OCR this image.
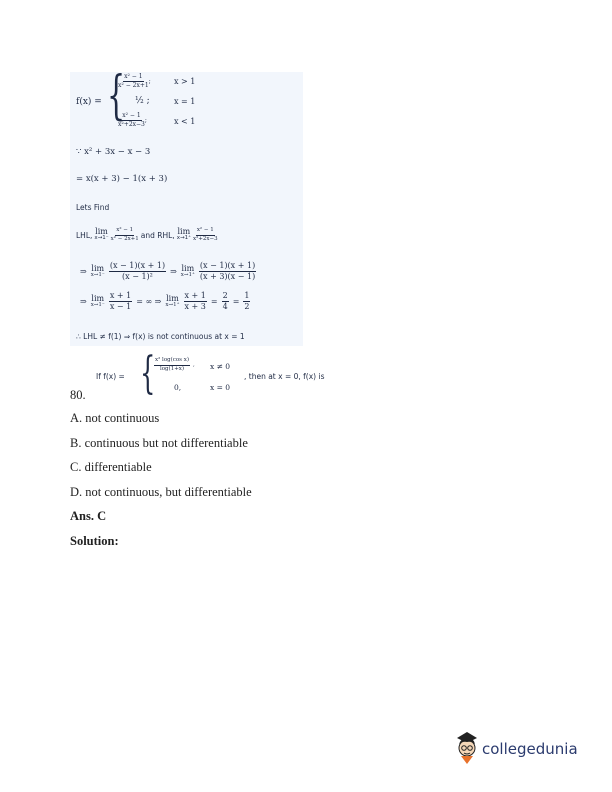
f(x) = {
$\frac{\text{x² − 1}}{\text{x² − 2x+1}}$ ;	x > 1
½ ;	x = 1
$\frac{\text{x² − 1}}{\text{x²+2x−3}}$ ;	x < 1
∵ x² + 3x − x − 3
= x(x + 3) − 1(x + 3)
Lets Find
LHL, lim
$x\to 1^- \frac{\text{x² − 1}}{\text{x² − 2x+1}}$ and RHL, lim
$x\to 1^+ \frac{\text{x² − 1}}{\text{x²+2x−3}}$
⇒ lim
$x\to 1^- \frac{(x - 1)(x + 1)}{\text{(x − 1)²}}$ ⇒ lim
$x\to 1^+ \frac{(x - 1)(x + 1)}{(x + 3)(x - 1)}$
⇒ lim
$x\to 1^- \frac{x + 1}{x - 1}$ = ∞ ⇒ lim
$x\to 1^+ \frac{x + 1}{x + 3} = \frac{2}{4} = \frac{1}{2}$
∴ LHL ≠ f(1) ⇒ f(x) is not continuous at x = 1
If f(x) = {
$\frac{\text{x² log(cos x)}}{\log(1+x)}$ , x ≠ 0
0,	x = 0
, then at x = 0, f(x) is
80.
A. not continuous
B. continuous but not differentiable
C. differentiable
D. not continuous, but differentiable
Ans. C
Solution:
collegedunia
